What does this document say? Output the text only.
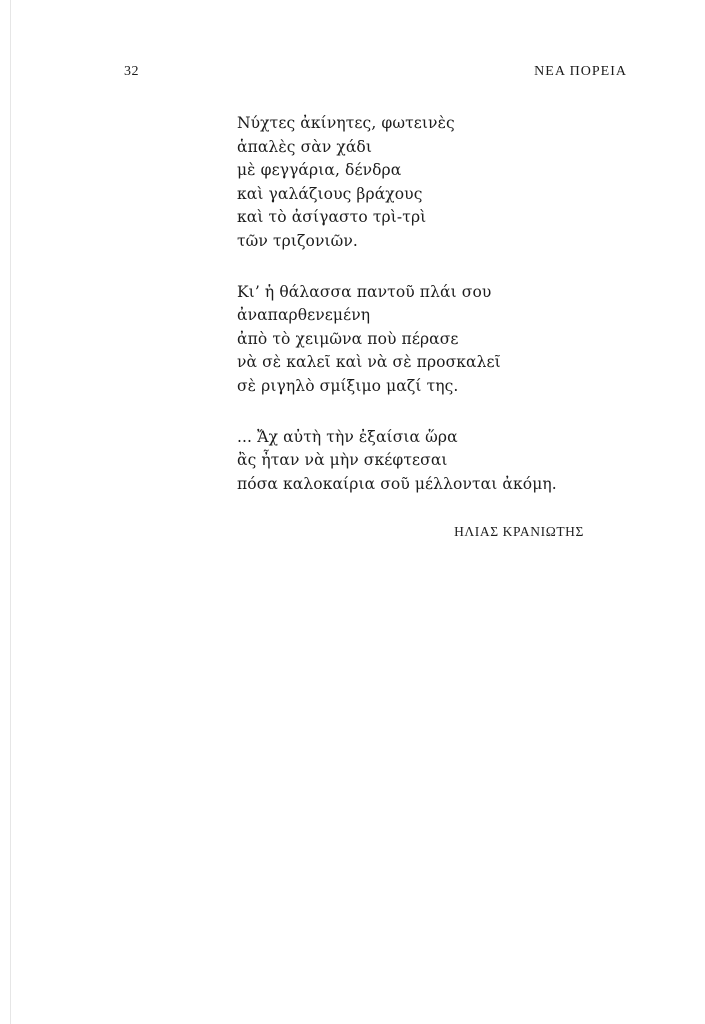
32	ΝΕΑ ΠΟΡΕΙΑ
Νύχτες ἀκίνητες, φωτεινὲς
ἁπαλὲς σὰν χάδι
μὲ φεγγάρια, δένδρα
καὶ γαλάζιους βράχους
καὶ τὸ ἀσίγαστο τρὶ-τρὶ
τῶν τριζονιῶν.
Κι’ ἡ θάλασσα παντοῦ πλάι σου
ἀναπαρθενεμένη
ἀπὸ τὸ χειμῶνα ποὺ πέρασε
νὰ σὲ καλεῖ καὶ νὰ σὲ προσκαλεῖ
σὲ ριγηλὸ σμίξιμο μαζί της.
... Ἄχ αὐτὴ τὴν ἐξαίσια ὥρα
ἂς ἦταν νὰ μὴν σκέφτεσαι
πόσα καλοκαίρια σοῦ μέλλονται ἀκόμη.
ΗΛΙΑΣ ΚΡΑΝΙΩΤΗΣ
